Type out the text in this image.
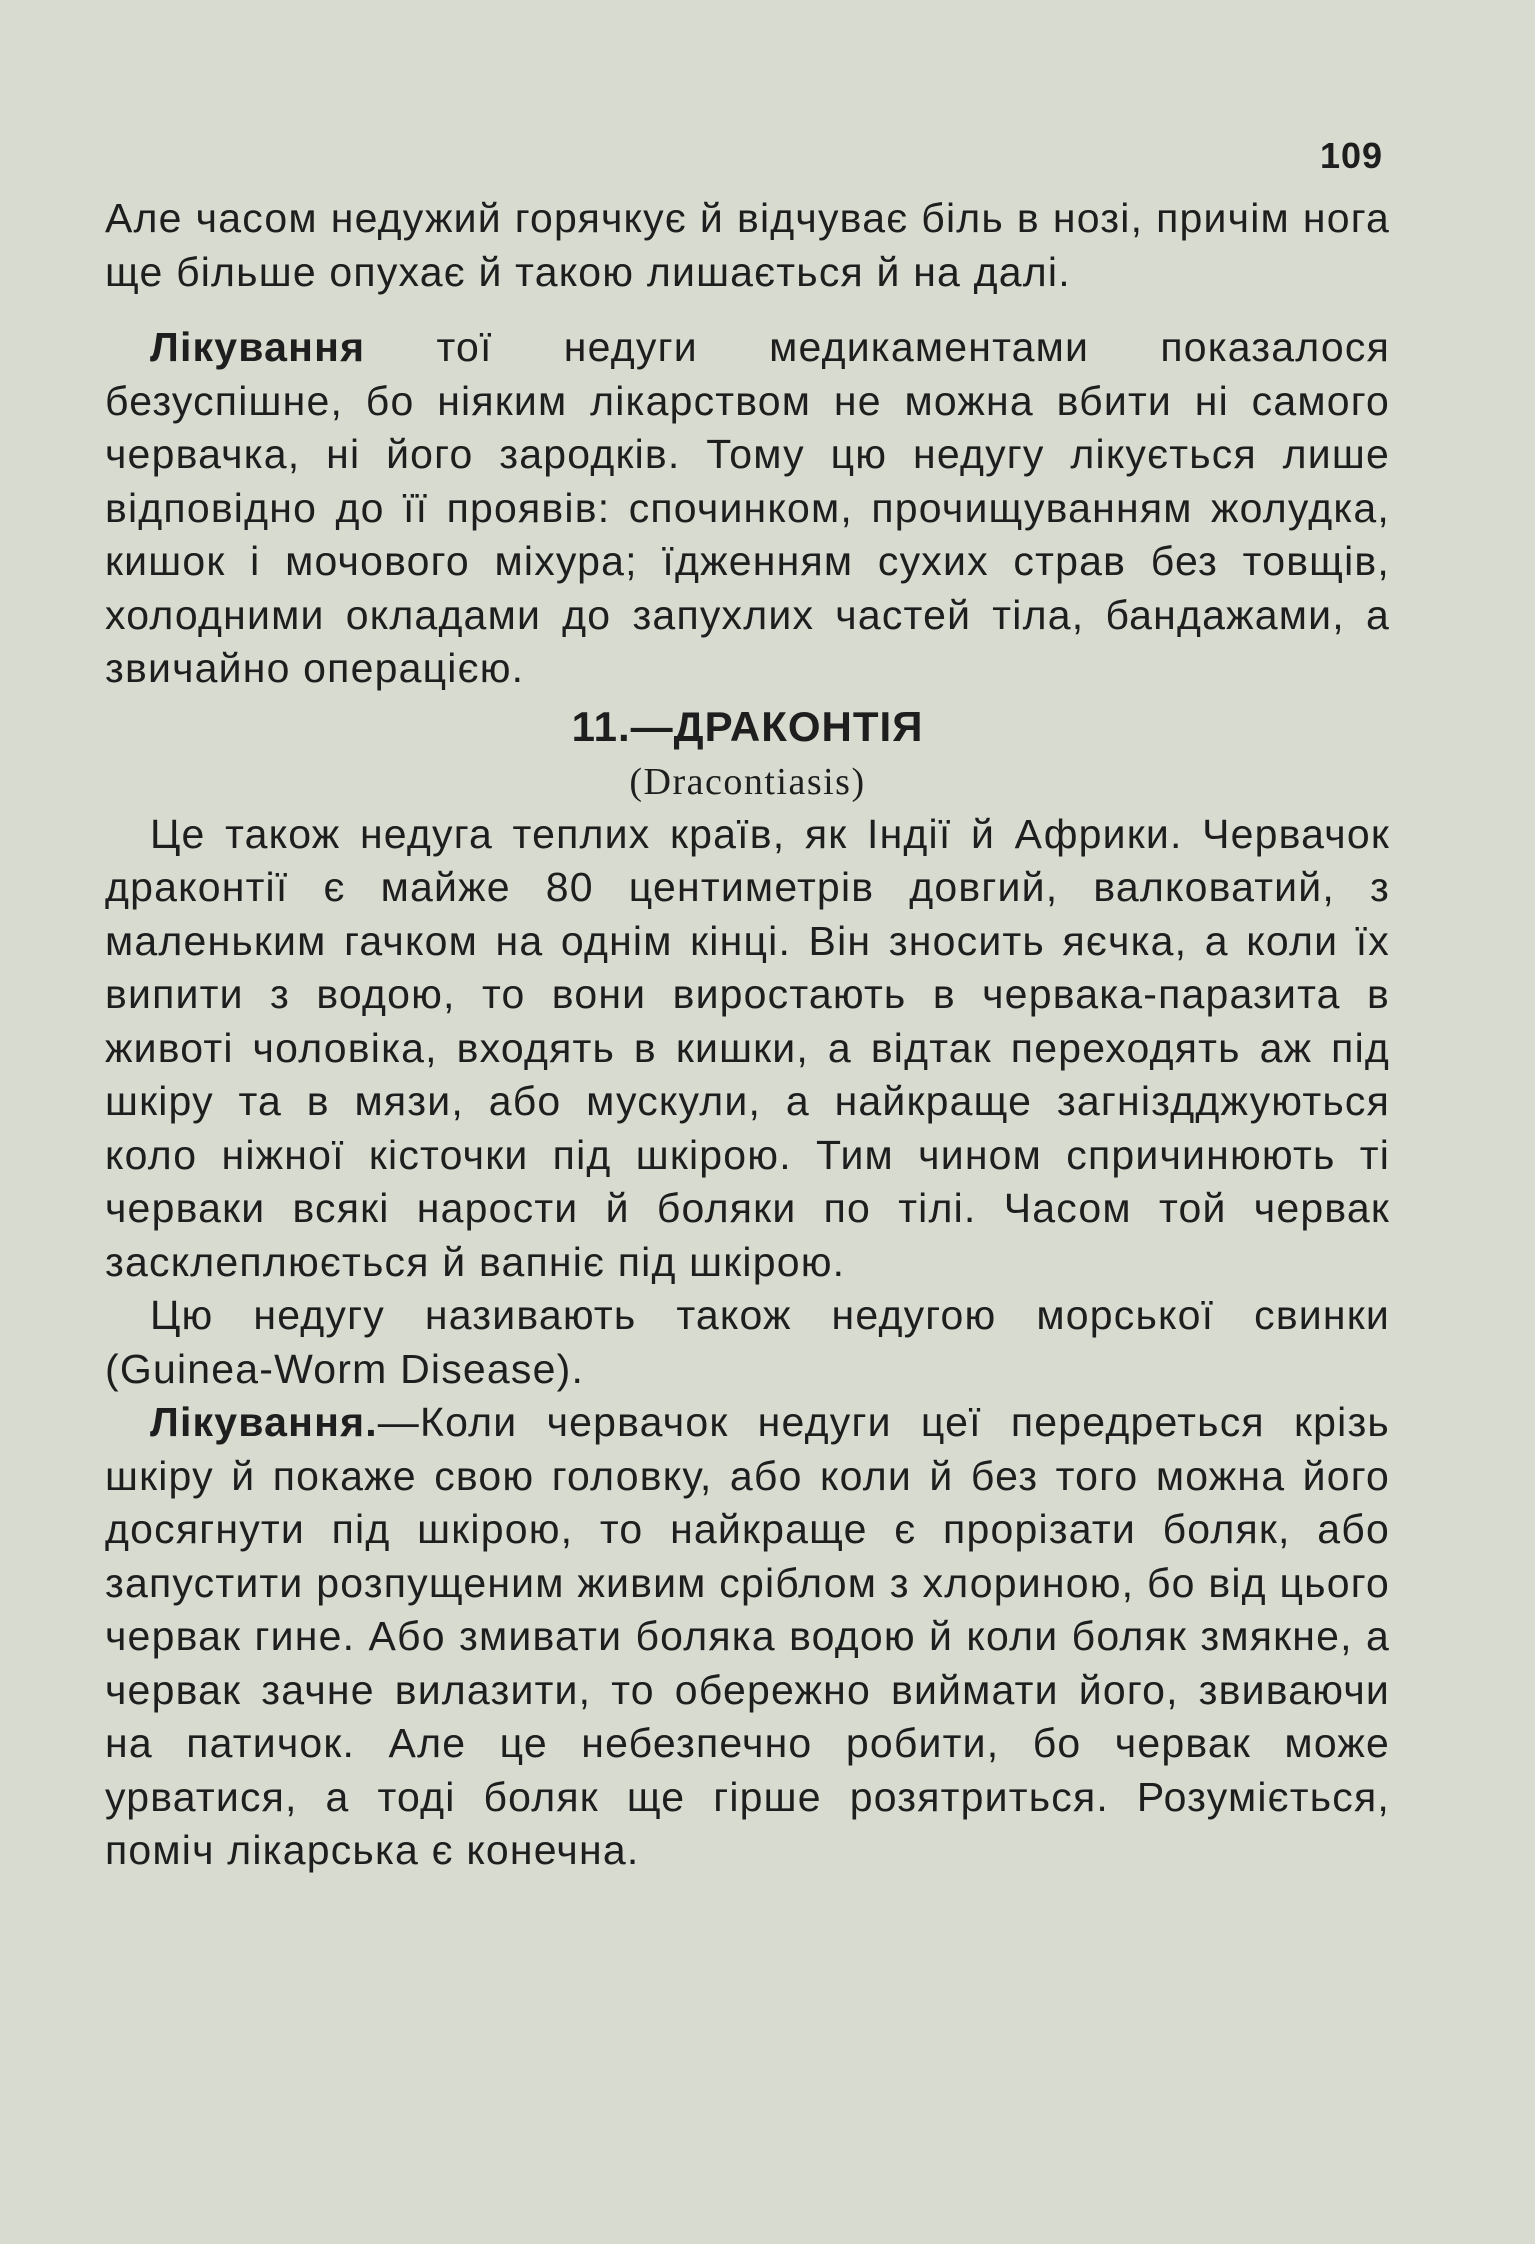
109

Але часом недужий горячкує й відчуває біль в нозі, причім нога ще більше опухає й такою лишається й на далі.

Лікування тої недуги медикаментами показалося безуспішне, бо ніяким лікарством не можна вбити ні самого червачка, ні його зародків. Тому цю недугу лікується лише відповідно до її проявів: спочинком, прочищуванням жолудка, кишок і мочового міхура; їдженням сухих страв без товщів, холодними окладами до запухлих частей тіла, бандажами, а звичайно операцією.

11.—ДРАКОНТІЯ
(Dracontiasis)

Це також недуга теплих країв, як Індії й Африки. Червачок драконтії є майже 80 центиметрів довгий, валковатий, з маленьким гачком на однім кінці. Він зносить яєчка, а коли їх випити з водою, то вони виростають в червака-паразита в животі чоловіка, входять в кишки, а відтак переходять аж під шкіру та в мязи, або мускули, а найкраще загніздджуються коло ніжної кісточки під шкірою. Тим чином спричинюють ті черваки всякі нарости й боляки по тілі. Часом той червак засклеплюється й вапніє під шкірою.

Цю недугу називають також недугою морської свинки (Guinea-Worm Disease).

Лікування.—Коли червачок недуги цеї передреться крізь шкіру й покаже свою головку, або коли й без того можна його досягнути під шкірою, то найкраще є прорізати боляк, або запустити розпущеним живим сріблом з хлориною, бо від цього червак гине. Або змивати боляка водою й коли боляк змякне, а червак зачне вилазити, то обережно виймати його, звиваючи на патичок. Але це небезпечно робити, бо червак може урватися, а тоді боляк ще гірше розятриться. Розуміється, поміч лікарська є конечна.
